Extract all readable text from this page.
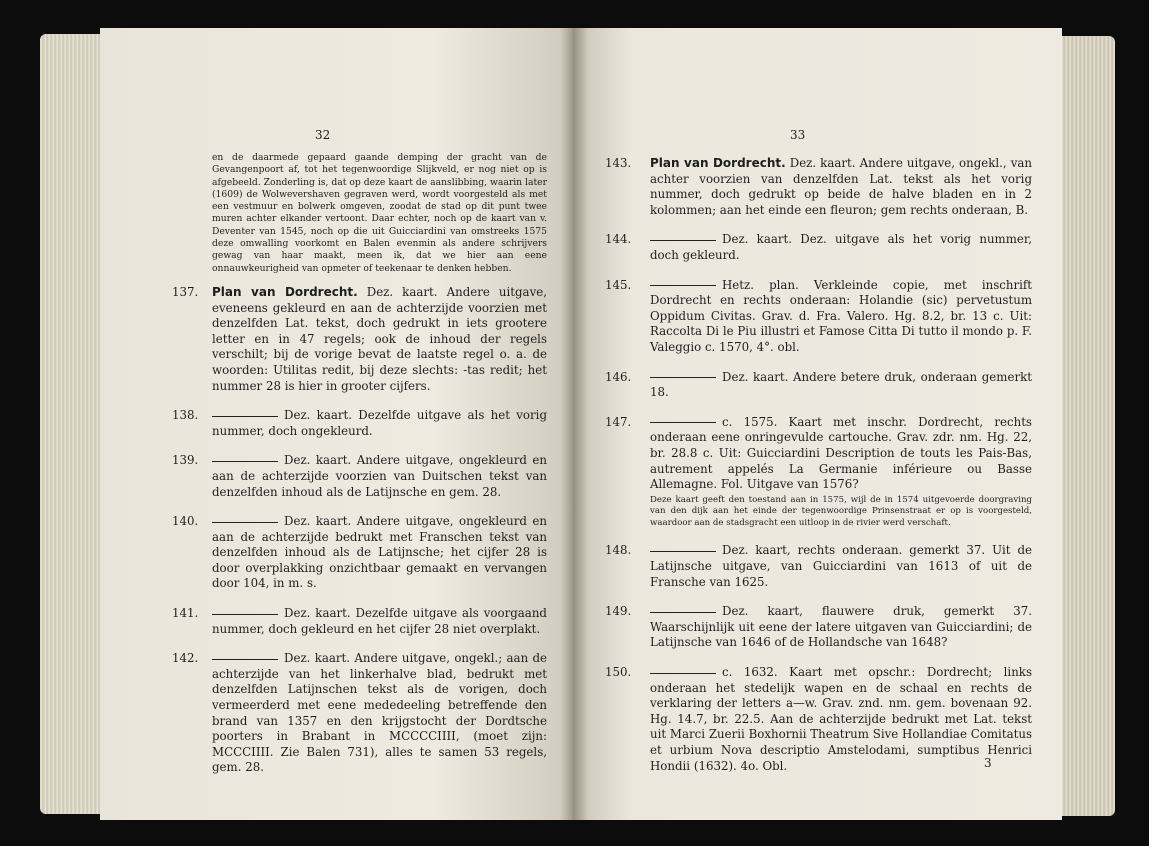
32

en de daarmede gepaard gaande demping der gracht van de Gevangenpoort af, tot het tegenwoordige Slijkveld, er nog niet op is afgebeeld. Zonderling is, dat op deze kaart de aanslibbing, waarin later (1609) de Wolwevershaven gegraven werd, wordt voorgesteld als met een vestmuur en bolwerk omgeven, zoodat de stad op dit punt twee muren achter elkander vertoont. Daar echter, noch op de kaart van v. Deventer van 1545, noch op die uit Guicciardini van omstreeks 1575 deze omwalling voorkomt en Balen evenmin als andere schrijvers gewag van haar maakt, meen ik, dat we hier aan eene onnauwkeurigheid van opmeter of teekenaar te denken hebben.

137. Plan van Dordrecht. Dez. kaart. Andere uitgave, eveneens gekleurd en aan de achterzijde voorzien met denzelfden Lat. tekst, doch gedrukt in iets grootere letter en in 47 regels; ook de inhoud der regels verschilt; bij de vorige bevat de laatste regel o. a. de woorden: Utilitas redit, bij deze slechts: -tas redit; het nummer 28 is hier in grooter cijfers.
138.	Dez. kaart. Dezelfde uitgave als het vorig nummer, doch ongekleurd.
139.	Dez. kaart. Andere uitgave, ongekleurd en aan de achterzijde voorzien van Duitschen tekst van denzelfden inhoud als de Latijnsche en gem. 28.
140.	Dez. kaart. Andere uitgave, ongekleurd en aan de achterzijde bedrukt met Franschen tekst van denzelfden inhoud als de Latijnsche; het cijfer 28 is door overplakking onzichtbaar gemaakt en vervangen door 104, in m. s.
141.	Dez. kaart. Dezelfde uitgave als voorgaand nummer, doch gekleurd en het cijfer 28 niet overplakt.
142.	Dez. kaart. Andere uitgave, ongekl.; aan de achterzijde van het linkerhalve blad, bedrukt met denzelfden Latijnschen tekst als de vorigen, doch vermeerderd met eene mededeeling betreffende den brand van 1357 en den krijgstocht der Dordtsche poorters in Brabant in MCCCCIIII, (moet zijn: MCCCIIII. Zie Balen 731), alles te samen 53 regels, gem. 28.
33
143. Plan van Dordrecht. Dez. kaart. Andere uitgave, ongekl., van achter voorzien van denzelfden Lat. tekst als het vorig nummer, doch gedrukt op beide de halve bladen en in 2 kolommen; aan het einde een fleuron; gem rechts onderaan, B.
144.	Dez. kaart. Dez. uitgave als het vorig nummer, doch gekleurd.
145.	Hetz. plan. Verkleinde copie, met inschrift Dordrecht en rechts onderaan: Holandie (sic) pervetustum Oppidum Civitas. Grav. d. Fra. Valero. Hg. 8.2, br. 13 c. Uit: Raccolta Di le Piu illustri et Famose Citta Di tutto il mondo p. F. Valeggio c. 1570, 4°. obl.
146.	Dez. kaart. Andere betere druk, onderaan gemerkt 18.
147.	c. 1575. Kaart met inschr. Dordrecht, rechts onderaan eene onringevulde cartouche. Grav. zdr. nm. Hg. 22, br. 28.8 c. Uit: Guicciardini Description de touts les Pais-Bas, autrement appelés La Germanie inférieure ou Basse Allemagne. Fol. Uitgave van 1576?
Deze kaart geeft den toestand aan in 1575, wijl de in 1574 uitgevoerde doorgraving van den dijk aan het einde der tegenwoordige Prinsenstraat er op is voorgesteld, waardoor aan de stadsgracht een uitloop in de rivier werd verschaft.
148.	Dez. kaart, rechts onderaan. gemerkt 37. Uit de Latijnsche uitgave, van Guicciardini van 1613 of uit de Fransche van 1625.
149.	Dez. kaart, flauwere druk, gemerkt 37. Waarschijnlijk uit eene der latere uitgaven van Guicciardini; de Latijnsche van 1646 of de Hollandsche van 1648?
150.	c. 1632. Kaart met opschr.: Dordrecht; links onderaan het stedelijk wapen en de schaal en rechts de verklaring der letters a—w. Grav. znd. nm. gem. bovenaan 92. Hg. 14.7, br. 22.5. Aan de achterzijde bedrukt met Lat. tekst uit Marci Zuerii Boxhornii Theatrum Sive Hollandiae Comitatus et urbium Nova descriptio Amstelodami, sumptibus Henrici Hondii (1632). 4o. Obl.	3
